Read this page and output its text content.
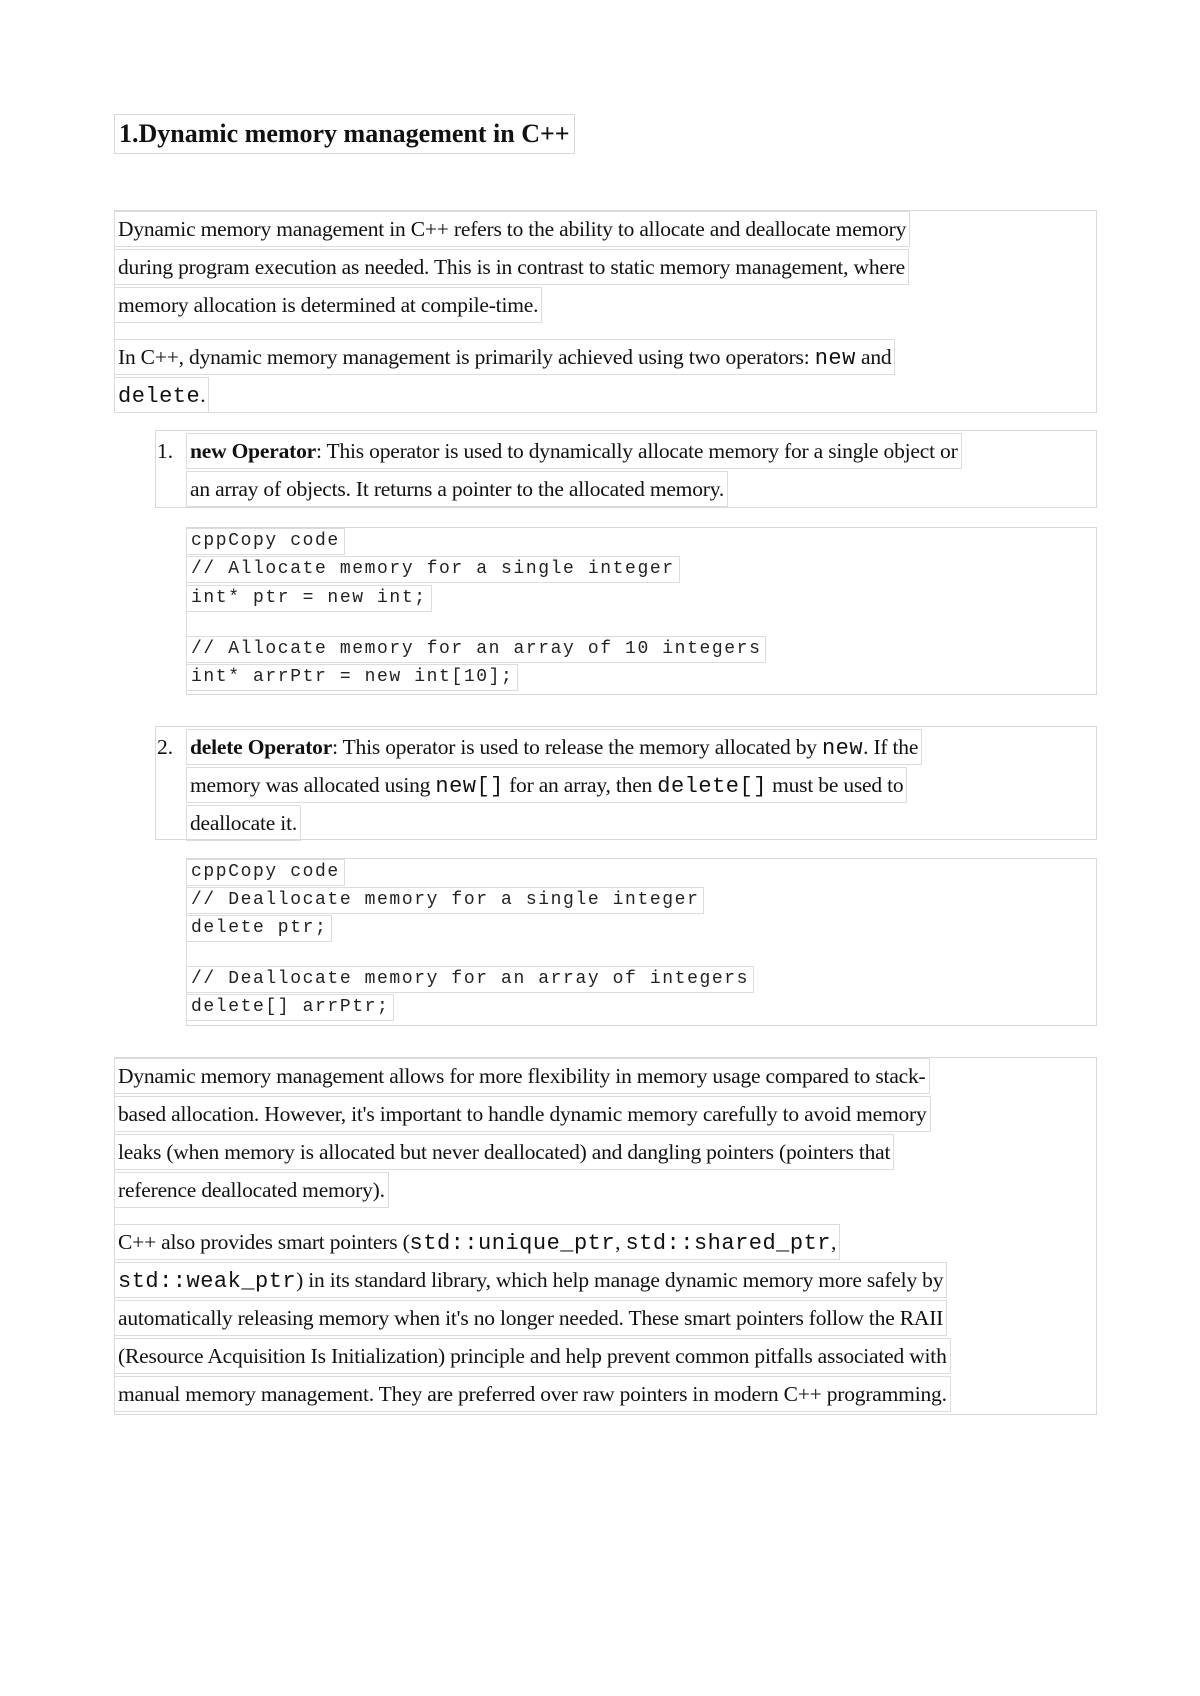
1.Dynamic memory management in C++
Dynamic memory management in C++ refers to the ability to allocate and deallocate memory
during program execution as needed. This is in contrast to static memory management, where
memory allocation is determined at compile-time.
In C++, dynamic memory management is primarily achieved using two operators: new and
delete.
1. new Operator: This operator is used to dynamically allocate memory for a single object or
an array of objects. It returns a pointer to the allocated memory.
cppCopy code
// Allocate memory for a single integer
int* ptr = new int;
// Allocate memory for an array of 10 integers
int* arrPtr = new int[10];
2. delete Operator: This operator is used to release the memory allocated by new. If the
memory was allocated using new[] for an array, then delete[] must be used to
deallocate it.
cppCopy code
// Deallocate memory for a single integer
delete ptr;
// Deallocate memory for an array of integers
delete[] arrPtr;
Dynamic memory management allows for more flexibility in memory usage compared to stack-
based allocation. However, it's important to handle dynamic memory carefully to avoid memory
leaks (when memory is allocated but never deallocated) and dangling pointers (pointers that
reference deallocated memory).
C++ also provides smart pointers (std::unique_ptr, std::shared_ptr,
std::weak_ptr) in its standard library, which help manage dynamic memory more safely by
automatically releasing memory when it's no longer needed. These smart pointers follow the RAII
(Resource Acquisition Is Initialization) principle and help prevent common pitfalls associated with
manual memory management. They are preferred over raw pointers in modern C++ programming.
